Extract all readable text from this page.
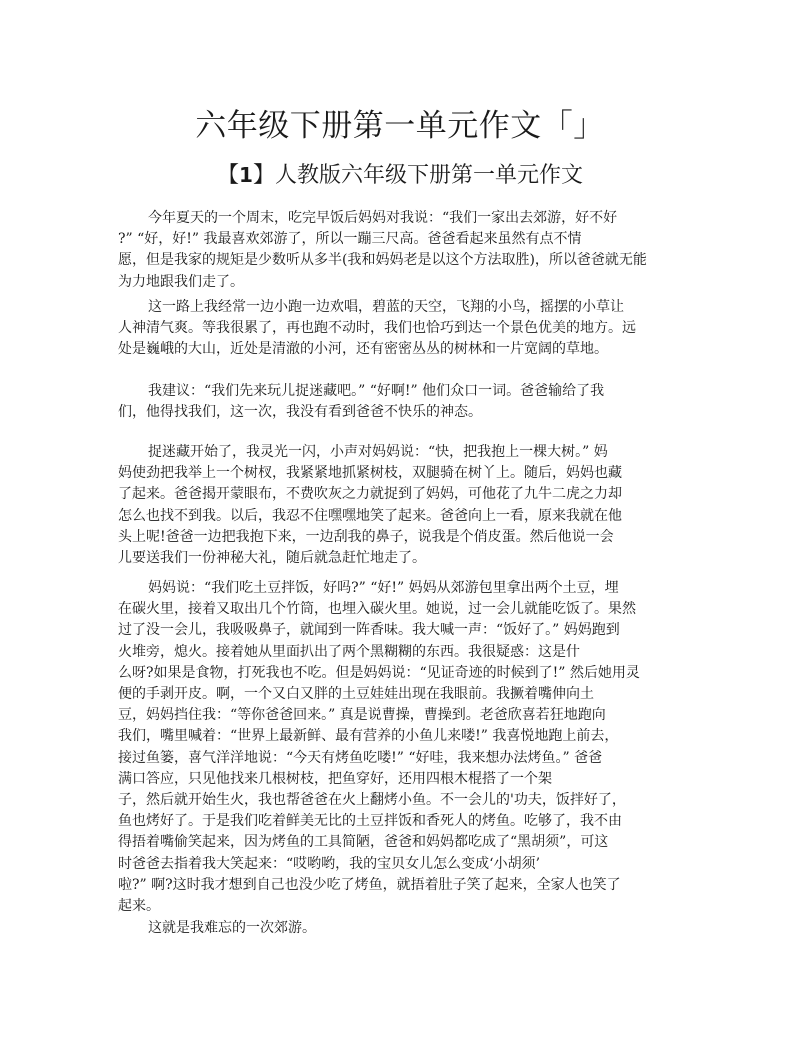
六年级下册第一单元作文「」
【1】人教版六年级下册第一单元作文
今年夏天的一个周末，吃完早饭后妈妈对我说：“我们一家出去郊游，好不好
?” “好，好!” 我最喜欢郊游了，所以一蹦三尺高。爸爸看起来虽然有点不情
愿，但是我家的规矩是少数听从多半(我和妈妈老是以这个方法取胜)，所以爸爸就无能
为力地跟我们走了。
这一路上我经常一边小跑一边欢唱，碧蓝的天空，飞翔的小鸟，摇摆的小草让
人神清气爽。等我很累了，再也跑不动时，我们也恰巧到达一个景色优美的地方。远
处是巍峨的大山，近处是清澈的小河，还有密密丛丛的树林和一片宽阔的草地。
我建议：“我们先来玩儿捉迷藏吧。” “好啊!” 他们众口一词。爸爸输给了我
们，他得找我们，这一次，我没有看到爸爸不快乐的神态。
捉迷藏开始了，我灵光一闪，小声对妈妈说：“快，把我抱上一棵大树。” 妈
妈使劲把我举上一个树杈，我紧紧地抓紧树枝，双腿骑在树丫上。随后，妈妈也藏
了起来。爸爸揭开蒙眼布，不费吹灰之力就捉到了妈妈，可他花了九牛二虎之力却
怎么也找不到我。以后，我忍不住嘿嘿地笑了起来。爸爸向上一看，原来我就在他
头上呢!爸爸一边把我抱下来，一边刮我的鼻子，说我是个俏皮蛋。然后他说一会
儿要送我们一份神秘大礼，随后就急赶忙地走了。
妈妈说：“我们吃土豆拌饭，好吗?” “好!” 妈妈从郊游包里拿出两个土豆，埋
在碳火里，接着又取出几个竹筒，也埋入碳火里。她说，过一会儿就能吃饭了。果然
过了没一会儿，我吸吸鼻子，就闻到一阵香味。我大喊一声：“饭好了。” 妈妈跑到
火堆旁，熄火。接着她从里面扒出了两个黑糊糊的东西。我很疑惑：这是什
么呀?如果是食物，打死我也不吃。但是妈妈说：“见证奇迹的时候到了!” 然后她用灵
便的手剥开皮。啊，一个又白又胖的土豆娃娃出现在我眼前。我撅着嘴伸向土
豆，妈妈挡住我：“等你爸爸回来。” 真是说曹操，曹操到。老爸欣喜若狂地跑向
我们，嘴里喊着：“世界上最新鲜、最有营养的小鱼儿来喽!” 我喜悦地跑上前去，
接过鱼篓，喜气洋洋地说：“今天有烤鱼吃喽!” “好哇，我来想办法烤鱼。” 爸爸
满口答应，只见他找来几根树枝，把鱼穿好，还用四根木棍搭了一个架
子，然后就开始生火，我也帮爸爸在火上翻烤小鱼。不一会儿的'功夫，饭拌好了，
鱼也烤好了。于是我们吃着鲜美无比的土豆拌饭和香死人的烤鱼。吃够了，我不由
得捂着嘴偷笑起来，因为烤鱼的工具简陋，爸爸和妈妈都吃成了“黑胡须”，可这
时爸爸去指着我大笑起来：“哎哟哟，我的宝贝女儿怎么变成‘小胡须’
啦?” 啊?这时我才想到自己也没少吃了烤鱼，就捂着肚子笑了起来，全家人也笑了
起来。
这就是我难忘的一次郊游。
